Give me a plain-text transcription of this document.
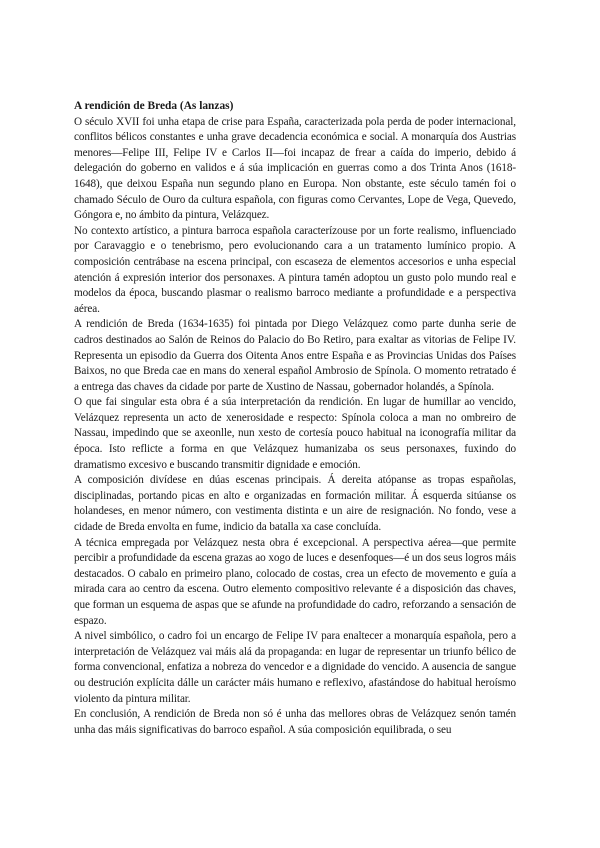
A rendición de Breda (As lanzas)

O século XVII foi unha etapa de crise para España, caracterizada pola perda de poder internacional, conflitos bélicos constantes e unha grave decadencia económica e social. A monarquía dos Austrias menores—Felipe III, Felipe IV e Carlos II—foi incapaz de frear a caída do imperio, debido á delegación do goberno en validos e á súa implicación en guerras como a dos Trinta Anos (1618-1648), que deixou España nun segundo plano en Europa. Non obstante, este século tamén foi o chamado Século de Ouro da cultura española, con figuras como Cervantes, Lope de Vega, Quevedo, Góngora e, no ámbito da pintura, Velázquez.

No contexto artístico, a pintura barroca española caracterízouse por un forte realismo, influenciado por Caravaggio e o tenebrismo, pero evolucionando cara a un tratamento lumínico propio. A composición centrábase na escena principal, con escaseza de elementos accesorios e unha especial atención á expresión interior dos personaxes. A pintura tamén adoptou un gusto polo mundo real e modelos da época, buscando plasmar o realismo barroco mediante a profundidade e a perspectiva aérea.

A rendición de Breda (1634-1635) foi pintada por Diego Velázquez como parte dunha serie de cadros destinados ao Salón de Reinos do Palacio do Bo Retiro, para exaltar as vitorias de Felipe IV. Representa un episodio da Guerra dos Oitenta Anos entre España e as Provincias Unidas dos Países Baixos, no que Breda cae en mans do xeneral español Ambrosio de Spínola. O momento retratado é a entrega das chaves da cidade por parte de Xustino de Nassau, gobernador holandés, a Spínola.

O que fai singular esta obra é a súa interpretación da rendición. En lugar de humillar ao vencido, Velázquez representa un acto de xenerosidade e respecto: Spínola coloca a man no ombreiro de Nassau, impedindo que se axeonlle, nun xesto de cortesía pouco habitual na iconografía militar da época. Isto reflicte a forma en que Velázquez humanizaba os seus personaxes, fuxindo do dramatismo excesivo e buscando transmitir dignidade e emoción.

A composición divídese en dúas escenas principais. Á dereita atópanse as tropas españolas, disciplinadas, portando picas en alto e organizadas en formación militar. Á esquerda sitúanse os holandeses, en menor número, con vestimenta distinta e un aire de resignación. No fondo, vese a cidade de Breda envolta en fume, indicio da batalla xa case concluída.

A técnica empregada por Velázquez nesta obra é excepcional. A perspectiva aérea—que permite percibir a profundidade da escena grazas ao xogo de luces e desenfoques—é un dos seus logros máis destacados. O cabalo en primeiro plano, colocado de costas, crea un efecto de movemento e guía a mirada cara ao centro da escena. Outro elemento compositivo relevante é a disposición das chaves, que forman un esquema de aspas que se afunde na profundidade do cadro, reforzando a sensación de espazo.

A nivel simbólico, o cadro foi un encargo de Felipe IV para enaltecer a monarquía española, pero a interpretación de Velázquez vai máis alá da propaganda: en lugar de representar un triunfo bélico de forma convencional, enfatiza a nobreza do vencedor e a dignidade do vencido. A ausencia de sangue ou destrución explícita dálle un carácter máis humano e reflexivo, afastándose do habitual heroísmo violento da pintura militar.

En conclusión, A rendición de Breda non só é unha das mellores obras de Velázquez senón tamén unha das máis significativas do barroco español. A súa composición equilibrada, o seu
